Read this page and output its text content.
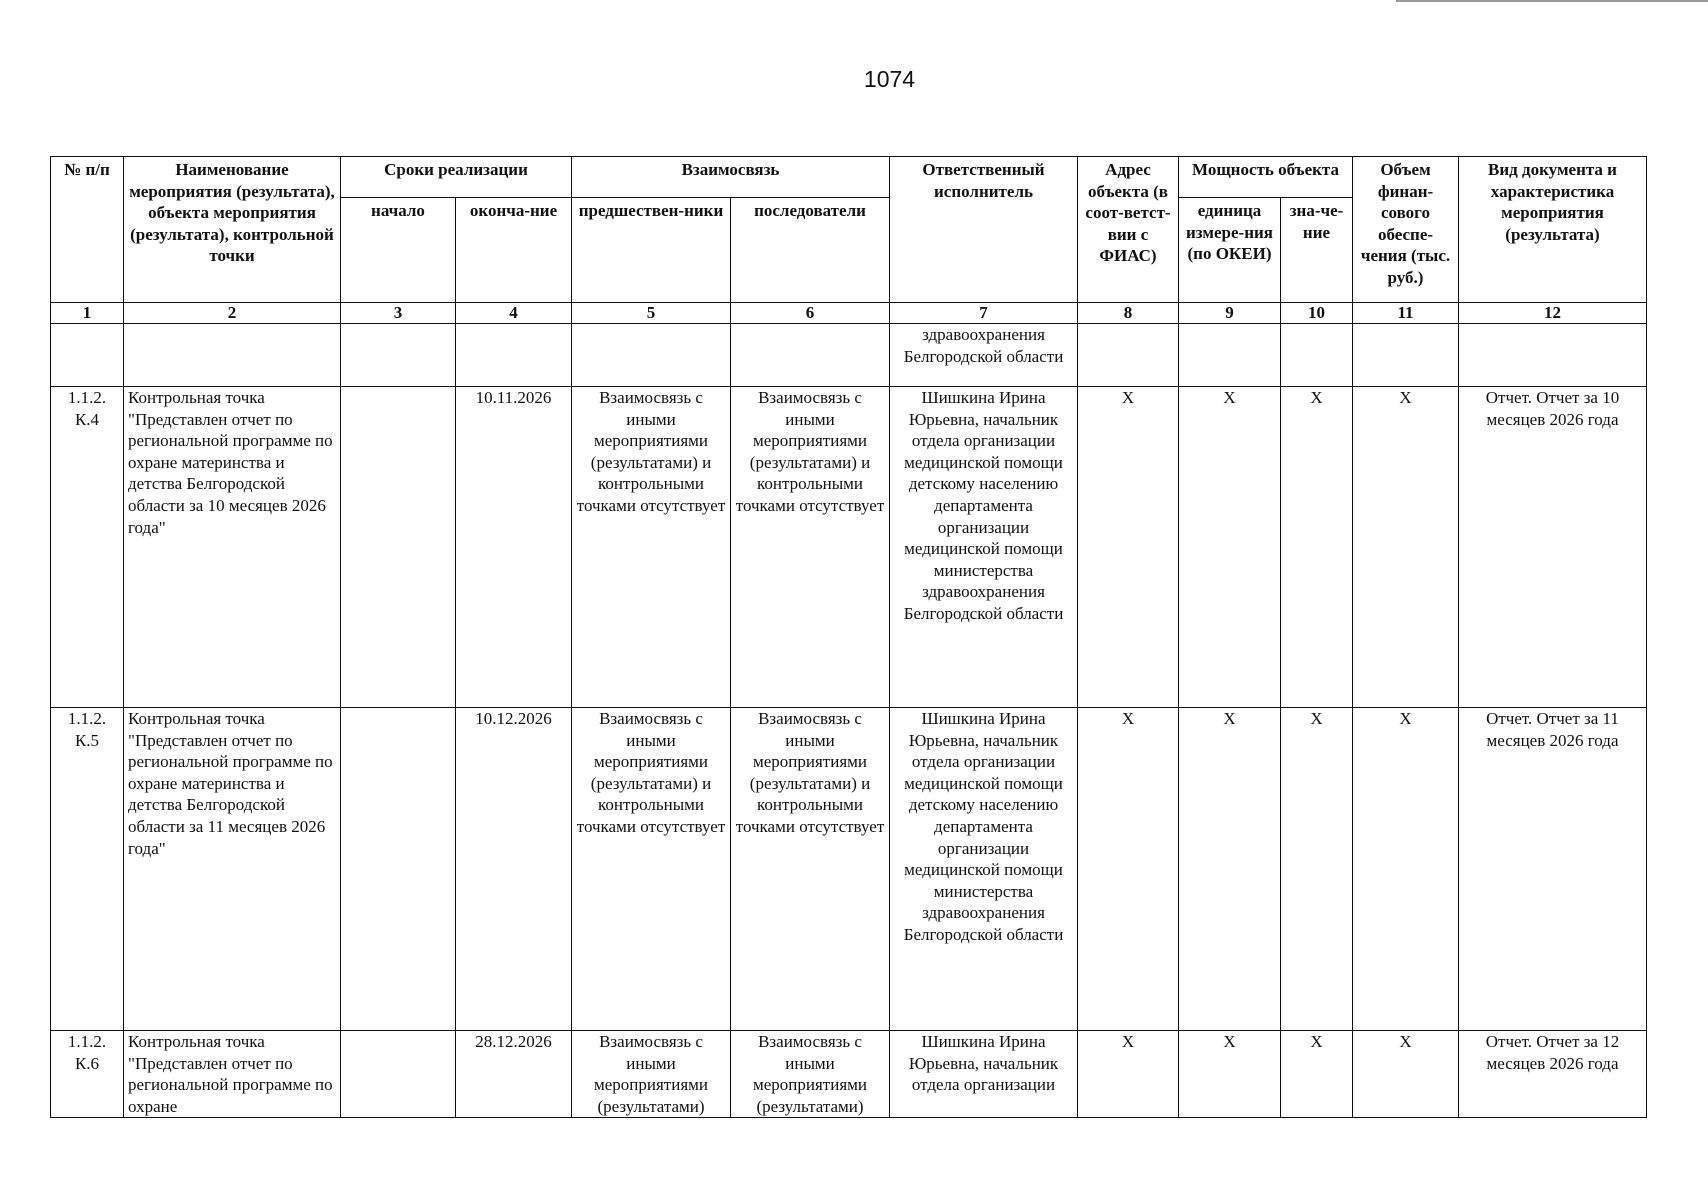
1074
№ п/п	Наименование мероприятия (результата), объекта мероприятия (результата), контрольной точки	Сроки реализации		Взаимосвязь		Ответственный исполнитель	Адрес объекта (в соот-ветст-вии с ФИАС)	Мощность объекта		Объем финан-сового обеспе-чения (тыс. руб.)	Вид документа и характеристика мероприятия (результата)
		начало	оконча-ние	предшествен-ники	последователи			единица измере-ния (по ОКЕИ)	зна-че-ние		
1	2	3	4	5	6	7	8	9	10	11	12
						здравоохранения Белгородской области					
1.1.2. К.4	Контрольная точка "Представлен отчет по региональной программе по охране материнства и детства Белгородской области за 10 месяцев 2026 года"		10.11.2026	Взаимосвязь с иными мероприятиями (результатами) и контрольными точками отсутствует	Взаимосвязь с иными мероприятиями (результатами) и контрольными точками отсутствует	Шишкина Ирина Юрьевна, начальник отдела организации медицинской помощи детскому населению департамента организации медицинской помощи министерства здравоохранения Белгородской области	Х	Х	Х	Х	Отчет. Отчет за 10 месяцев 2026 года
1.1.2. К.5	Контрольная точка "Представлен отчет по региональной программе по охране материнства и детства Белгородской области за 11 месяцев 2026 года"		10.12.2026	Взаимосвязь с иными мероприятиями (результатами) и контрольными точками отсутствует	Взаимосвязь с иными мероприятиями (результатами) и контрольными точками отсутствует	Шишкина Ирина Юрьевна, начальник отдела организации медицинской помощи детскому населению департамента организации медицинской помощи министерства здравоохранения Белгородской области	Х	Х	Х	Х	Отчет. Отчет за 11 месяцев 2026 года
1.1.2. К.6	Контрольная точка "Представлен отчет по региональной программе по охране		28.12.2026	Взаимосвязь с иными мероприятиями (результатами)	Взаимосвязь с иными мероприятиями (результатами)	Шишкина Ирина Юрьевна, начальник отдела организации	Х	Х	Х	Х	Отчет. Отчет за 12 месяцев 2026 года
